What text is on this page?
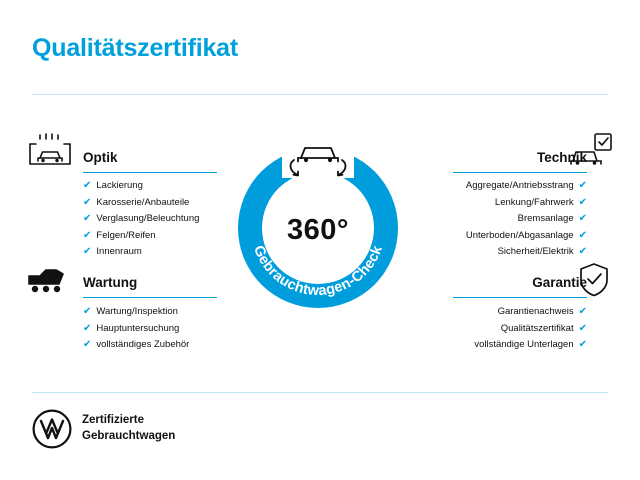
Qualitätszertifikat
Optik
✔ Lackierung
✔ Karosserie/Anbauteile
✔ Verglasung/Beleuchtung
✔ Felgen/Reifen
✔ Innenraum
Wartung
✔ Wartung/Inspektion
✔ Hauptuntersuchung
✔ vollständiges Zubehör
Technik
Aggregate/Antriebsstrang ✔
Lenkung/Fahrwerk ✔
Bremsanlage ✔
Unterboden/Abgasanlage ✔
Sicherheit/Elektrik ✔
Garantie
Garantienachweis ✔
Qualitätszertifikat ✔
vollständige Unterlagen ✔
360°
Gebrauchtwagen-Check
Zertifizierte
Gebrauchtwagen
